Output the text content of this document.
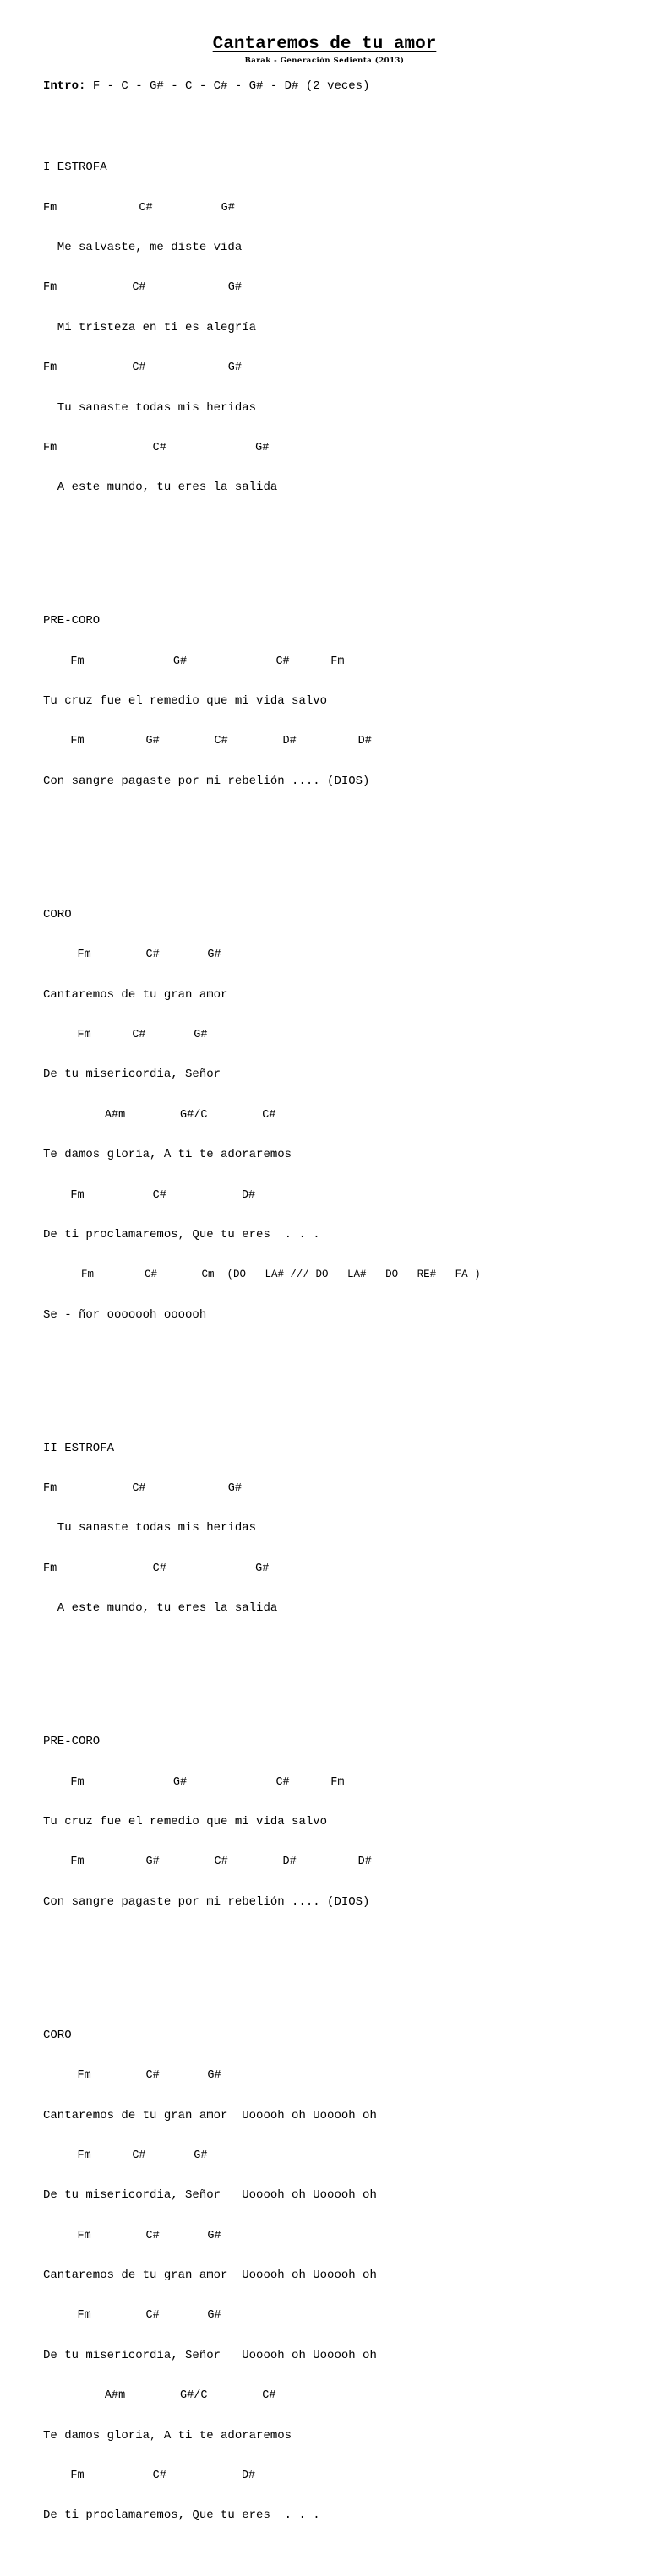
Cantaremos de tu amor
Barak - Generación Sedienta (2013)
Intro: F - C - G# - C - C# - G# - D# (2 veces)

I ESTROFA

Fm            C#          G#

Me salvaste, me diste vida

Fm           C#            G#

Mi tristeza en ti es alegría

Fm           C#            G#

Tu sanaste todas mis heridas

Fm              C#             G#

A este mundo, tu eres la salida

PRE-CORO

Fm             G#             C#      Fm

Tu cruz fue el remedio que mi vida salvo

Fm         G#        C#        D#         D#

Con sangre pagaste por mi rebelión .... (DIOS)

CORO

Fm        C#       G#

Cantaremos de tu gran amor

Fm      C#       G#

De tu misericordia, Señor

A#m        G#/C        C#

Te damos gloria, A ti te adoraremos

Fm          C#           D#

De ti proclamaremos, Que tu eres  . . .

Fm        C#       Cm  (DO - LA# /// DO - LA# - DO - RE# - FA )

Se - ñor ooooooh oooooh

II ESTROFA

Fm           C#            G#

Tu sanaste todas mis heridas

Fm              C#             G#

A este mundo, tu eres la salida

PRE-CORO

Fm             G#             C#      Fm

Tu cruz fue el remedio que mi vida salvo

Fm         G#        C#        D#         D#

Con sangre pagaste por mi rebelión .... (DIOS)

CORO

Fm        C#       G#

Cantaremos de tu gran amor  Uooooh oh Uooooh oh

Fm      C#       G#

De tu misericordia, Señor   Uooooh oh Uooooh oh

Fm        C#       G#

Cantaremos de tu gran amor  Uooooh oh Uooooh oh

Fm        C#       G#

De tu misericordia, Señor   Uooooh oh Uooooh oh

A#m        G#/C        C#

Te damos gloria, A ti te adoraremos

Fm          C#           D#

De ti proclamaremos, Que tu eres  . . .
